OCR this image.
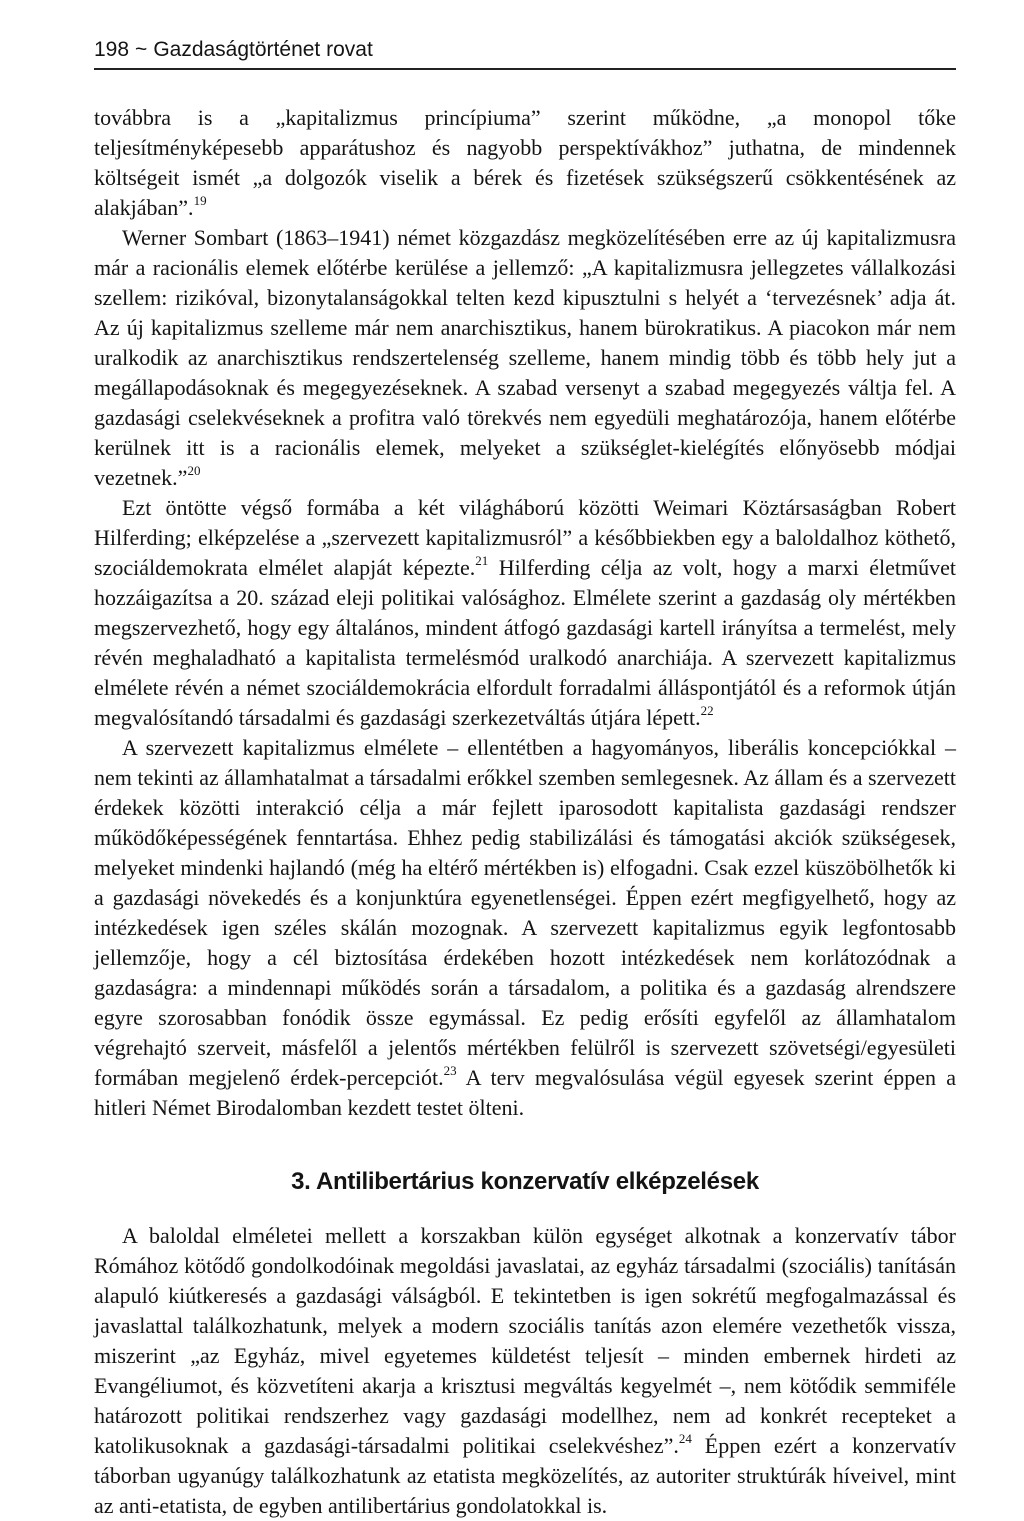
198 ~ Gazdaságtörténet rovat

továbbra is a „kapitalizmus princípiuma” szerint működne, „a monopol tőke teljesítményképesebb apparátushoz és nagyobb perspektívákhoz” juthatna, de mindennek költségeit ismét „a dolgozók viselik a bérek és fizetések szükségszerű csökkentésének az alakjában”.$^{19}$

Werner Sombart (1863–1941) német közgazdász megközelítésében erre az új kapitalizmusra már a racionális elemek előtérbe kerülése a jellemző: „A kapitalizmusra jellegzetes vállalkozási szellem: rizikóval, bizonytalanságokkal telten kezd kipusztulni s helyét a ‘tervezésnek’ adja át. Az új kapitalizmus szelleme már nem anarchisztikus, hanem bürokratikus. A piacokon már nem uralkodik az anarchisztikus rendszertelenség szelleme, hanem mindig több és több hely jut a megállapodásoknak és megegyezéseknek. A szabad versenyt a szabad megegyezés váltja fel. A gazdasági cselekvéseknek a profitra való törekvés nem egyedüli meghatározója, hanem előtérbe kerülnek itt is a racionális elemek, melyeket a szükséglet-kielégítés előnyösebb módjai vezetnek.”$^{20}$

Ezt öntötte végső formába a két világháború közötti Weimari Köztársaságban Robert Hilferding; elképzelése a „szervezett kapitalizmusról” a későbbiekben egy a baloldalhoz köthető, szociáldemokrata elmélet alapját képezte.$^{21}$ Hilferding célja az volt, hogy a marxi életművet hozzáigazítsa a 20. század eleji politikai valósághoz. Elmélete szerint a gazdaság oly mértékben megszervezhető, hogy egy általános, mindent átfogó gazdasági kartell irányítsa a termelést, mely révén meghaladható a kapitalista termelésmód uralkodó anarchiája. A szervezett kapitalizmus elmélete révén a német szociáldemokrácia elfordult forradalmi álláspontjától és a reformok útján megvalósítandó társadalmi és gazdasági szerkezetváltás útjára lépett.$^{22}$

A szervezett kapitalizmus elmélete – ellentétben a hagyományos, liberális koncepciókkal – nem tekinti az államhatalmat a társadalmi erőkkel szemben semlegesnek. Az állam és a szervezett érdekek közötti interakció célja a már fejlett iparosodott kapitalista gazdasági rendszer működőképességének fenntartása. Ehhez pedig stabilizálási és támogatási akciók szükségesek, melyeket mindenki hajlandó (még ha eltérő mértékben is) elfogadni. Csak ezzel küszöbölhetők ki a gazdasági növekedés és a konjunktúra egyenetlenségei. Éppen ezért megfigyelhető, hogy az intézkedések igen széles skálán mozognak. A szervezett kapitalizmus egyik legfontosabb jellemzője, hogy a cél biztosítása érdekében hozott intézkedések nem korlátozódnak a gazdaságra: a mindennapi működés során a társadalom, a politika és a gazdaság alrendszere egyre szorosabban fonódik össze egymással. Ez pedig erősíti egyfelől az államhatalom végrehajtó szerveit, másfelől a jelentős mértékben felülről is szervezett szövetségi/egyesületi formában megjelenő érdek-percepciót.$^{23}$ A terv megvalósulása végül egyesek szerint éppen a hitleri Német Birodalomban kezdett testet ölteni.

3. Antilibertárius konzervatív elképzelések

A baloldal elméletei mellett a korszakban külön egységet alkotnak a konzervatív tábor Rómához kötődő gondolkodóinak megoldási javaslatai, az egyház társadalmi (szociális) tanításán alapuló kiútkeresés a gazdasági válságból. E tekintetben is igen sokrétű megfogalmazással és javaslattal találkozhatunk, melyek a modern szociális tanítás azon elemére vezethetők vissza, miszerint „az Egyház, mivel egyetemes küldetést teljesít – minden embernek hirdeti az Evangéliumot, és közvetíteni akarja a krisztusi megváltás kegyelmét –, nem kötődik semmiféle határozott politikai rendszerhez vagy gazdasági modellhez, nem ad konkrét recepteket a katolikusoknak a gazdasági-társadalmi politikai cselekvéshez”.$^{24}$ Éppen ezért a konzervatív táborban ugyanúgy találkozhatunk az etatista megközelítés, az autoriter struktúrák híveivel, mint az anti-etatista, de egyben antilibertárius gondolatokkal is.
